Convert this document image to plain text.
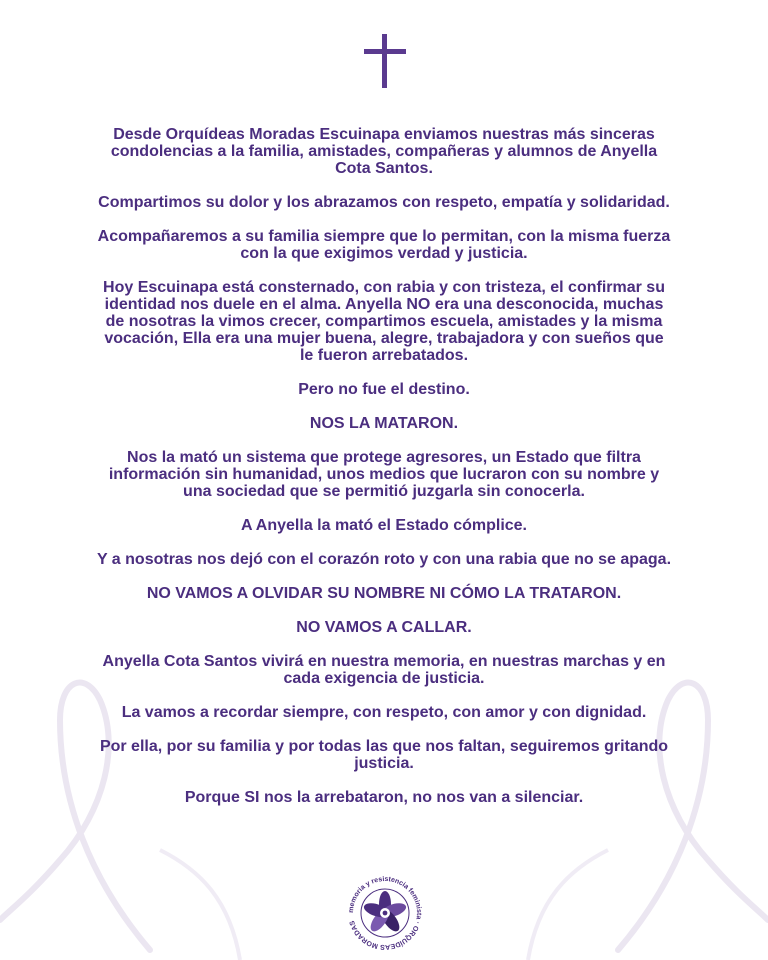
Desde Orquídeas Moradas Escuinapa enviamos nuestras más sinceras condolencias a la familia, amistades, compañeras y alumnos de Anyella Cota Santos.

Compartimos su dolor y los abrazamos con respeto, empatía y solidaridad.

Acompañaremos a su familia siempre que lo permitan, con la misma fuerza con la que exigimos verdad y justicia.

Hoy Escuinapa está consternado, con rabia y con tristeza, el confirmar su identidad nos duele en el alma. Anyella NO era una desconocida, muchas de nosotras la vimos crecer, compartimos escuela, amistades y la misma vocación, Ella era una mujer buena, alegre, trabajadora y con sueños que le fueron arrebatados.

Pero no fue el destino.

NOS LA MATARON.

Nos la mató un sistema que protege agresores, un Estado que filtra información sin humanidad, unos medios que lucraron con su nombre y una sociedad que se permitió juzgarla sin conocerla.

A Anyella la mató el Estado cómplice.

Y a nosotras nos dejó con el corazón roto y con una rabia que no se apaga.

NO VAMOS A OLVIDAR SU NOMBRE NI CÓMO LA TRATARON.

NO VAMOS A CALLAR.

Anyella Cota Santos vivirá en nuestra memoria, en nuestras marchas y en cada exigencia de justicia.

La vamos a recordar siempre, con respeto, con amor y con dignidad.

Por ella, por su familia y por todas las que nos faltan, seguiremos gritando justicia.

Porque SI nos la arrebataron, no nos van a silenciar.

memoria y resistencia feminista · ORQUÍDEAS MORADAS
